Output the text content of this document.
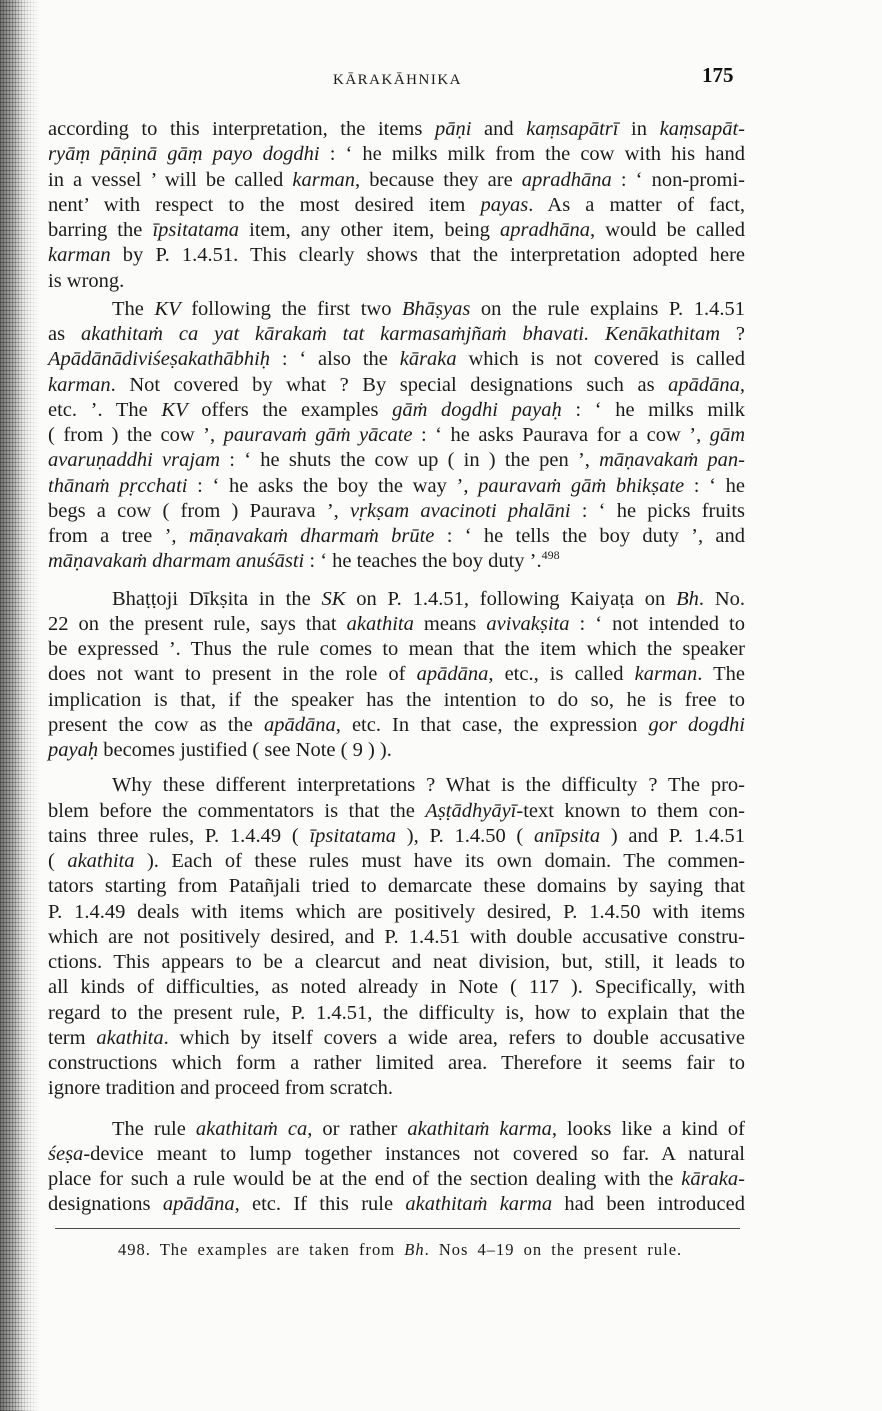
KĀRAKĀHNIKA	175
according to this interpretation, the items pāṇi and kaṃsapātrī in kaṃsapāt-
ryāṃ pāṇinā gāṃ payo dogdhi : ‘ he milks milk from the cow with his hand
in a vessel ’ will be called karman, because they are apradhāna : ‘ non-promi-
nent’ with respect to the most desired item payas. As a matter of fact,
barring the īpsitatama item, any other item, being apradhāna, would be called
karman by P. 1.4.51. This clearly shows that the interpretation adopted here
is wrong.
The KV following the first two Bhāṣyas on the rule explains P. 1.4.51
as akathitaṁ ca yat kārakaṁ tat karmasaṁjñaṁ bhavati. Kenākathitam ?
Apādānādiviśeṣakathābhiḥ : ‘ also the kāraka which is not covered is called
karman. Not covered by what ? By special designations such as apādāna,
etc. ’. The KV offers the examples gāṁ dogdhi payaḥ : ‘ he milks milk
( from ) the cow ’, pauravaṁ gāṁ yācate : ‘ he asks Paurava for a cow ’, gām
avaruṇaddhi vrajam : ‘ he shuts the cow up ( in ) the pen ’, māṇavakaṁ pan-
thānaṁ pṛcchati : ‘ he asks the boy the way ’, pauravaṁ gāṁ bhikṣate : ‘ he
begs a cow ( from ) Paurava ’, vṛkṣam avacinoti phalāni : ‘ he picks fruits
from a tree ’, māṇavakaṁ dharmaṁ brūte : ‘ he tells the boy duty ’, and
māṇavakaṁ dharmam anuśāsti : ‘ he teaches the boy duty ’.$^{498}$
Bhaṭṭoji Dīkṣita in the SK on P. 1.4.51, following Kaiyaṭa on Bh. No.
22 on the present rule, says that akathita means avivakṣita : ‘ not intended to
be expressed ’. Thus the rule comes to mean that the item which the speaker
does not want to present in the role of apādāna, etc., is called karman. The
implication is that, if the speaker has the intention to do so, he is free to
present the cow as the apādāna, etc. In that case, the expression gor dogdhi
payaḥ becomes justified ( see Note ( 9 ) ).
Why these different interpretations ? What is the difficulty ? The pro-
blem before the commentators is that the Aṣṭādhyāyī-text known to them con-
tains three rules, P. 1.4.49 ( īpsitatama ), P. 1.4.50 ( anīpsita ) and P. 1.4.51
( akathita ). Each of these rules must have its own domain. The commen-
tators starting from Patañjali tried to demarcate these domains by saying that
P. 1.4.49 deals with items which are positively desired, P. 1.4.50 with items
which are not positively desired, and P. 1.4.51 with double accusative constru-
ctions. This appears to be a clearcut and neat division, but, still, it leads to
all kinds of difficulties, as noted already in Note ( 117 ). Specifically, with
regard to the present rule, P. 1.4.51, the difficulty is, how to explain that the
term akathita. which by itself covers a wide area, refers to double accusative
constructions which form a rather limited area. Therefore it seems fair to
ignore tradition and proceed from scratch.
The rule akathitaṁ ca, or rather akathitaṁ karma, looks like a kind of
śeṣa-device meant to lump together instances not covered so far. A natural
place for such a rule would be at the end of the section dealing with the kāraka-
designations apādāna, etc. If this rule akathitaṁ karma had been introduced
498. The examples are taken from Bh. Nos 4–19 on the present rule.
